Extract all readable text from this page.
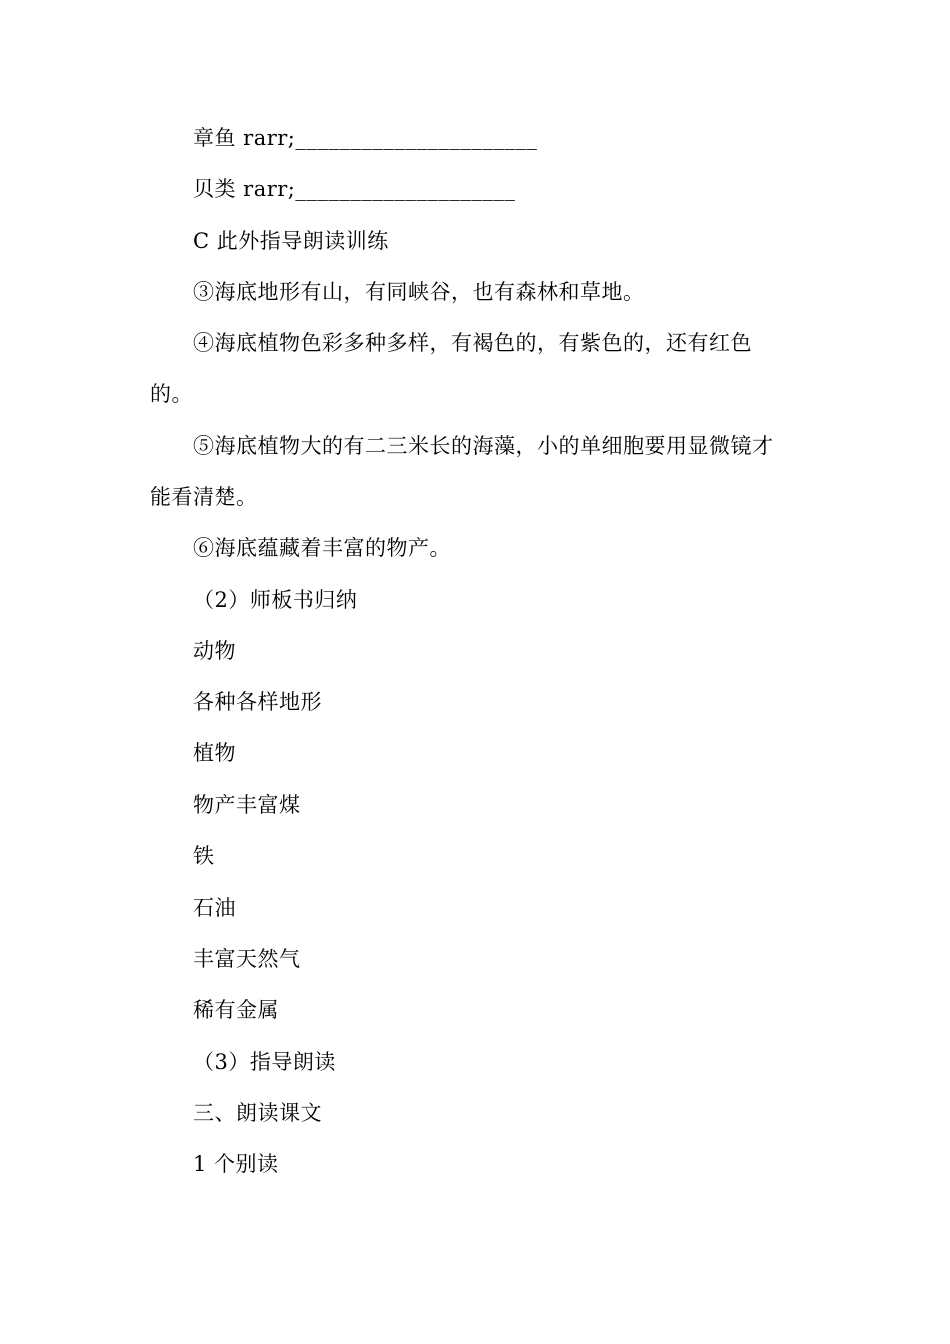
章鱼 rarr;______________________

贝类 rarr;____________________

C 此外指导朗读训练

③海底地形有山，有同峡谷，也有森林和草地。

④海底植物色彩多种多样，有褐色的，有紫色的，还有红色

的。

⑤海底植物大的有二三米长的海藻，小的单细胞要用显微镜才

能看清楚。

⑥海底蕴藏着丰富的物产。

（2）师板书归纳

动物

各种各样地形

植物

物产丰富煤

铁

石油

丰富天然气

稀有金属

（3）指导朗读

三、朗读课文

1 个别读
